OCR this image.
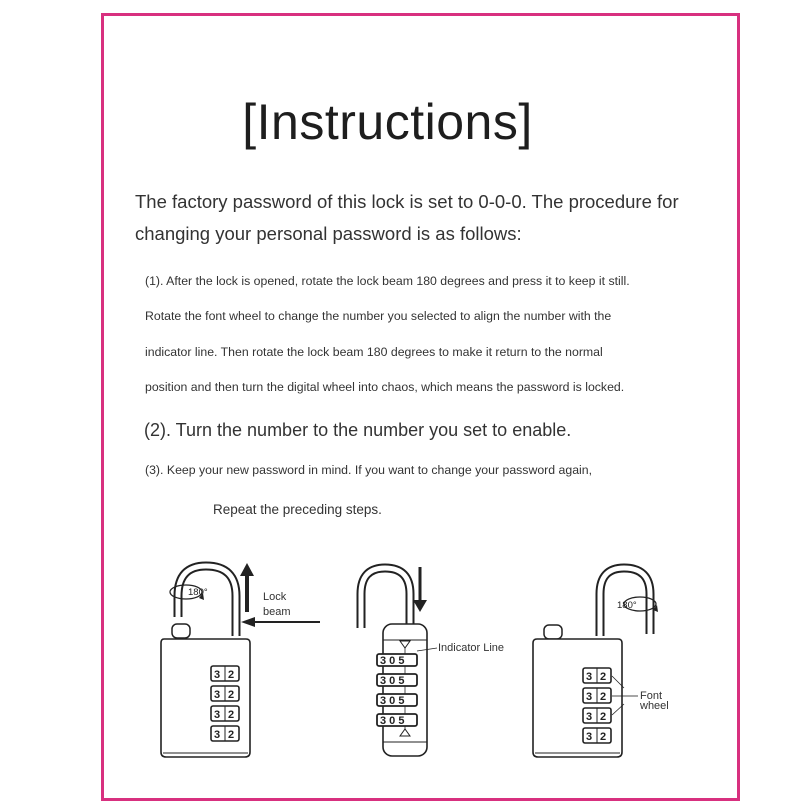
[Instructions]
The factory password of this lock is set to 0-0-0. The procedure for changing your personal password is as follows:
(1). After the lock is opened, rotate the lock beam 180 degrees and press it to keep it still.
Rotate the font wheel to change the number you selected to align the number with the
indicator line. Then rotate the lock beam 180 degrees to make it return to the normal
position and then turn the digital wheel into chaos, which means the password is locked.
(2). Turn the number to the number you set to enable.
(3). Keep your new password in mind. If you want to change your password again,
Repeat the preceding steps.
180°
3 2
3 2
3 2
3 2
Lock
beam
3 0 5
3 0 5
3 0 5
3 0 5
Indicator Line
180°
3 2
3 2
3 2
3 2
Font
wheel
